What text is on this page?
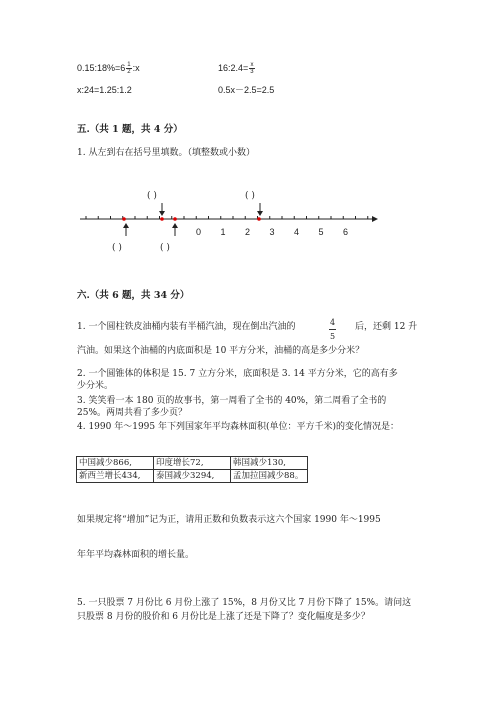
0.15:18%=6 $\frac{1}{2}$ :x	16:2.4= $\frac{x}{3}$
x:24=1.25:1.2	0.5x－2.5=2.5
五.（共 1 题，共 4 分）
1. 从左到右在括号里填数。（填整数或小数）
0 1 2 3 4 5 6
( )	( )
( )	( )
六.（共 6 题，共 34 分）
1. 一个圆柱铁皮油桶内装有半桶汽油，现在倒出汽油的	$\frac{4}{5}$ 后，还剩 12 升
汽油。如果这个油桶的内底面积是 10 平方分米，油桶的高是多少分米？
2. 一个圆锥体的体积是 15. 7 立方分米，底面积是 3. 14 平方分米，它的高有多
少分米。
3. 笑笑看一本 180 页的故事书，第一周看了全书的 40%，第二周看了全书的
25%。两周共看了多少页？
4. 1990 年～1995 年下列国家年平均森林面积(单位：平方千米)的变化情况是：
中国减少866,	印度增长72,	韩国减少130,
新西兰增长434,	泰国减少3294,	孟加拉国减少88。
如果规定将“增加”记为正，请用正数和负数表示这六个国家 1990 年～1995
年年平均森林面积的增长量。
5. 一只股票 7 月份比 6 月份上涨了 15%，8 月份又比 7 月份下降了 15%。请问这
只股票 8 月份的股价和 6 月份比是上涨了还是下降了？变化幅度是多少？
